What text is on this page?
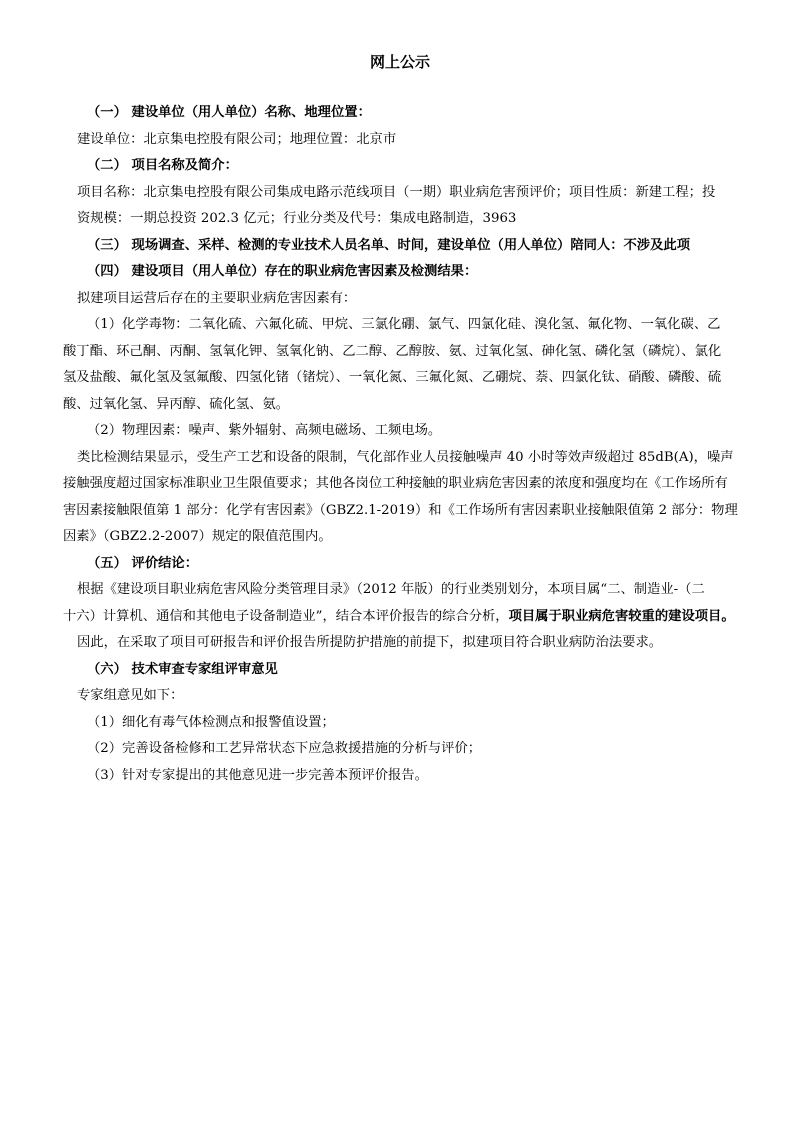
网上公示

（一） 建设单位（用人单位）名称、地理位置：

建设单位：北京集电控股有限公司；地理位置：北京市

（二） 项目名称及简介：

项目名称：北京集电控股有限公司集成电路示范线项目（一期）职业病危害预评价；项目性质：新建工程；投

资规模：一期总投资 202.3 亿元；行业分类及代号：集成电路制造，3963

（三） 现场调查、采样、检测的专业技术人员名单、时间，建设单位（用人单位）陪同人：不涉及此项

（四） 建设项目（用人单位）存在的职业病危害因素及检测结果：

拟建项目运营后存在的主要职业病危害因素有：

（1）化学毒物：二氧化硫、六氟化硫、甲烷、三氯化硼、氯气、四氯化硅、溴化氢、氟化物、一氧化碳、乙

酸丁酯、环己酮、丙酮、氢氧化钾、氢氧化钠、乙二醇、乙醇胺、氨、过氧化氢、砷化氢、磷化氢（磷烷）、氯化

氢及盐酸、氟化氢及氢氟酸、四氢化锗（锗烷）、一氧化氮、三氟化氮、乙硼烷、萘、四氯化钛、硝酸、磷酸、硫

酸、过氧化氢、异丙醇、硫化氢、氨。

（2）物理因素：噪声、紫外辐射、高频电磁场、工频电场。

类比检测结果显示，受生产工艺和设备的限制，气化部作业人员接触噪声 40 小时等效声级超过 85dB(A)，噪声

接触强度超过国家标准职业卫生限值要求；其他各岗位工种接触的职业病危害因素的浓度和强度均在《工作场所有

害因素接触限值第 1 部分：化学有害因素》（GBZ2.1-2019）和《工作场所有害因素职业接触限值第 2 部分：物理

因素》（GBZ2.2-2007）规定的限值范围内。

（五） 评价结论：

根据《建设项目职业病危害风险分类管理目录》（2012 年版）的行业类别划分，本项目属“二、制造业-（二

十六）计算机、通信和其他电子设备制造业”，结合本评价报告的综合分析，项目属于职业病危害较重的建设项目。

因此，在采取了项目可研报告和评价报告所提防护措施的前提下，拟建项目符合职业病防治法要求。

（六） 技术审查专家组评审意见

专家组意见如下：

（1）细化有毒气体检测点和报警值设置；

（2）完善设备检修和工艺异常状态下应急救援措施的分析与评价；

（3）针对专家提出的其他意见进一步完善本预评价报告。
